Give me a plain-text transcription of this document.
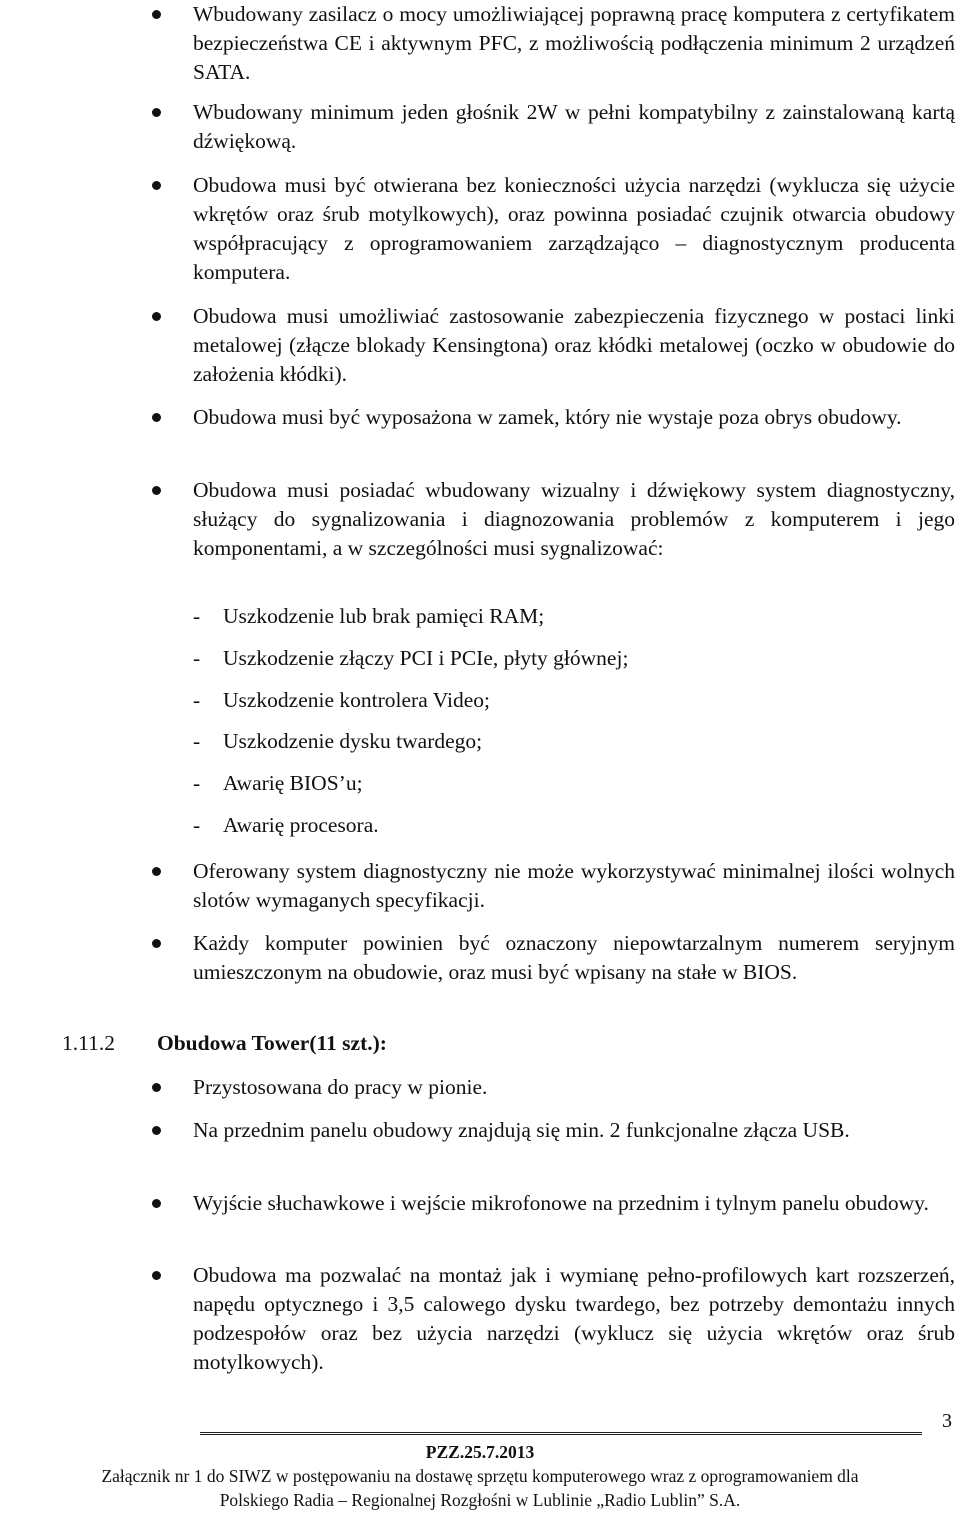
Wbudowany zasilacz o mocy umożliwiającej poprawną pracę komputera z certyfikatem bezpieczeństwa CE i aktywnym PFC, z możliwością podłączenia minimum 2 urządzeń SATA.
Wbudowany minimum jeden głośnik 2W w pełni kompatybilny z zainstalowaną kartą dźwiękową.
Obudowa musi być otwierana bez konieczności użycia narzędzi (wyklucza się użycie wkrętów oraz śrub motylkowych), oraz powinna posiadać czujnik otwarcia obudowy współpracujący z oprogramowaniem zarządzająco – diagnostycznym producenta komputera.
Obudowa musi umożliwiać zastosowanie zabezpieczenia fizycznego w postaci linki metalowej (złącze blokady Kensingtona) oraz kłódki metalowej (oczko w obudowie do założenia kłódki).
Obudowa musi być wyposażona w zamek, który nie wystaje poza obrys obudowy.
Obudowa musi posiadać wbudowany wizualny i dźwiękowy system diagnostyczny, służący do sygnalizowania i diagnozowania problemów z komputerem i jego komponentami, a w szczególności musi sygnalizować:
- Uszkodzenie lub brak pamięci RAM;
- Uszkodzenie złączy PCI i PCIe, płyty głównej;
- Uszkodzenie kontrolera Video;
- Uszkodzenie dysku twardego;
- Awarię BIOS’u;
- Awarię procesora.
Oferowany system diagnostyczny nie może wykorzystywać minimalnej ilości wolnych slotów wymaganych specyfikacji.
Każdy komputer powinien być oznaczony niepowtarzalnym numerem seryjnym umieszczonym na obudowie, oraz musi być wpisany na stałe w BIOS.
1.11.2 Obudowa Tower(11 szt.):
Przystosowana do pracy w pionie.
Na przednim panelu obudowy znajdują się min. 2 funkcjonalne złącza USB.
Wyjście słuchawkowe i wejście mikrofonowe na przednim i tylnym panelu obudowy.
Obudowa ma pozwalać na montaż jak i wymianę pełno-profilowych kart rozszerzeń, napędu optycznego i 3,5 calowego dysku twardego, bez potrzeby demontażu innych podzespołów oraz bez użycia narzędzi (wyklucz się użycia wkrętów oraz śrub motylkowych).
3
PZZ.25.7.2013
Załącznik nr 1 do SIWZ w postępowaniu na dostawę sprzętu komputerowego wraz z oprogramowaniem dla
Polskiego Radia – Regionalnej Rozgłośni w Lublinie „Radio Lublin” S.A.
